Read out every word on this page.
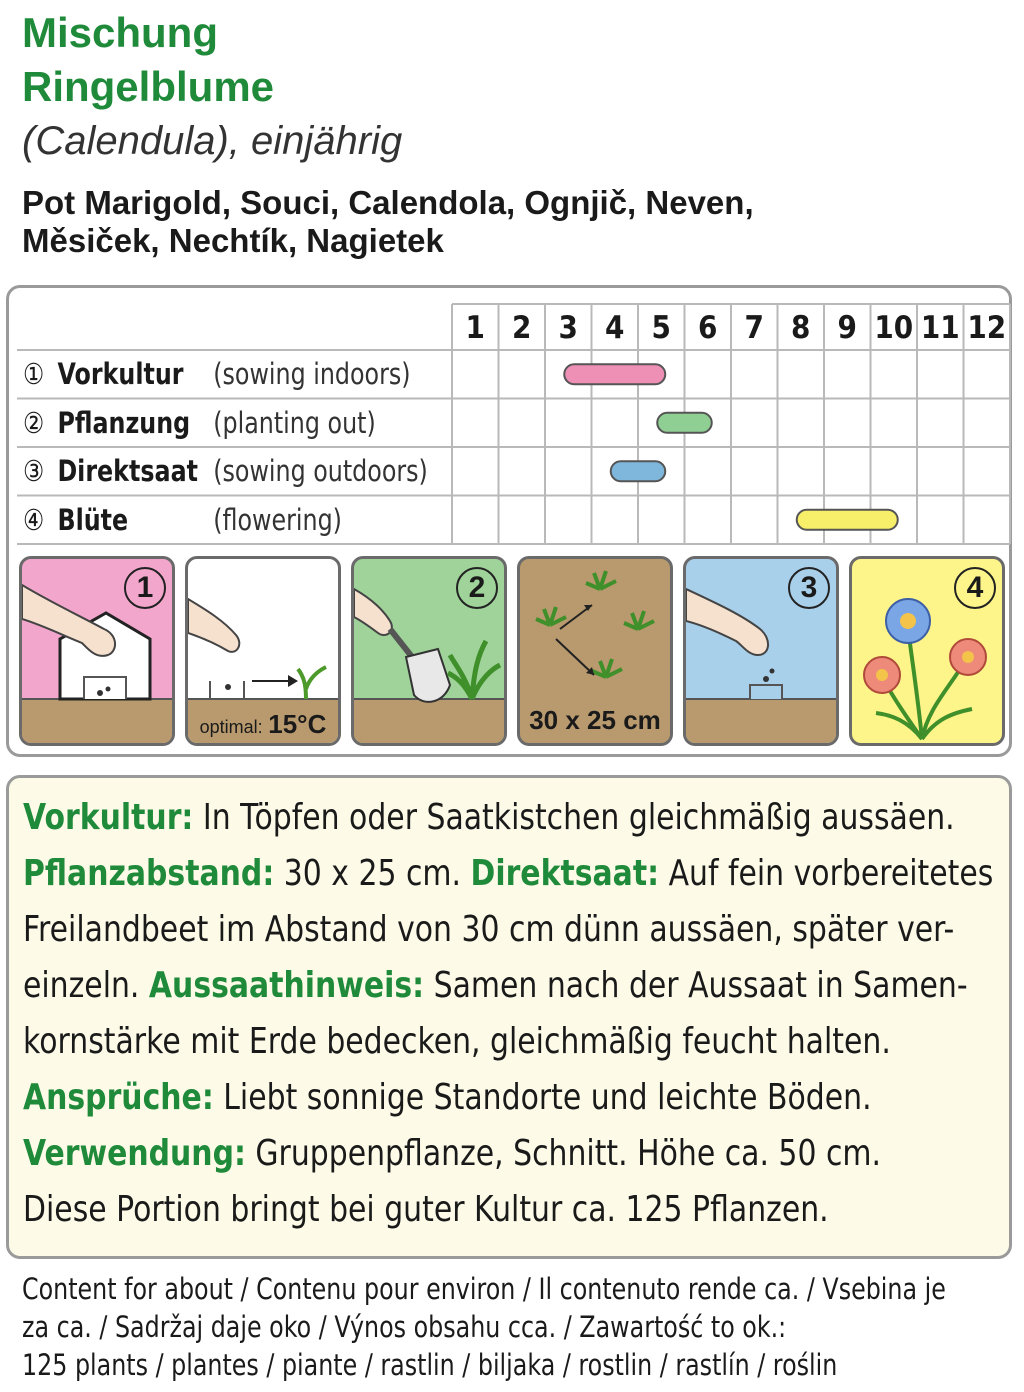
Mischung
Ringelblume
(Calendula), einjährig
Pot Marigold, Souci, Calendola, Ognjič, Neven,
Měsiček, Nechtík, Nagietek
1 2 3 4 5 6 7 8 9 10 11 12
① Vorkultur (sowing indoors)
② Pflanzung (planting out)
③ Direktsaat (sowing outdoors)
④ Blüte	(flowering)
1
optimal: 15°C
2
30 x 25 cm
3	4

Vorkultur: In Töpfen oder Saatkistchen gleichmäßig aussäen.

Pflanzabstand: 30 x 25 cm. Direktsaat: Auf fein vorbereitetes

Freilandbeet im Abstand von 30 cm dünn aussäen, später ver-

einzeln. Aussaathinweis: Samen nach der Aussaat in Samen-

kornstärke mit Erde bedecken, gleichmäßig feucht halten.

Ansprüche: Liebt sonnige Standorte und leichte Böden.

Verwendung: Gruppenpflanze, Schnitt. Höhe ca. 50 cm.

Diese Portion bringt bei guter Kultur ca. 125 Pflanzen.

Content for about / Contenu pour environ / Il contenuto rende ca. / Vsebina je
za ca. / Sadržaj daje oko / Výnos obsahu cca. / Zawartość to ok.:
125 plants / plantes / piante / rastlin / biljaka / rostlin / rastlín / roślin
